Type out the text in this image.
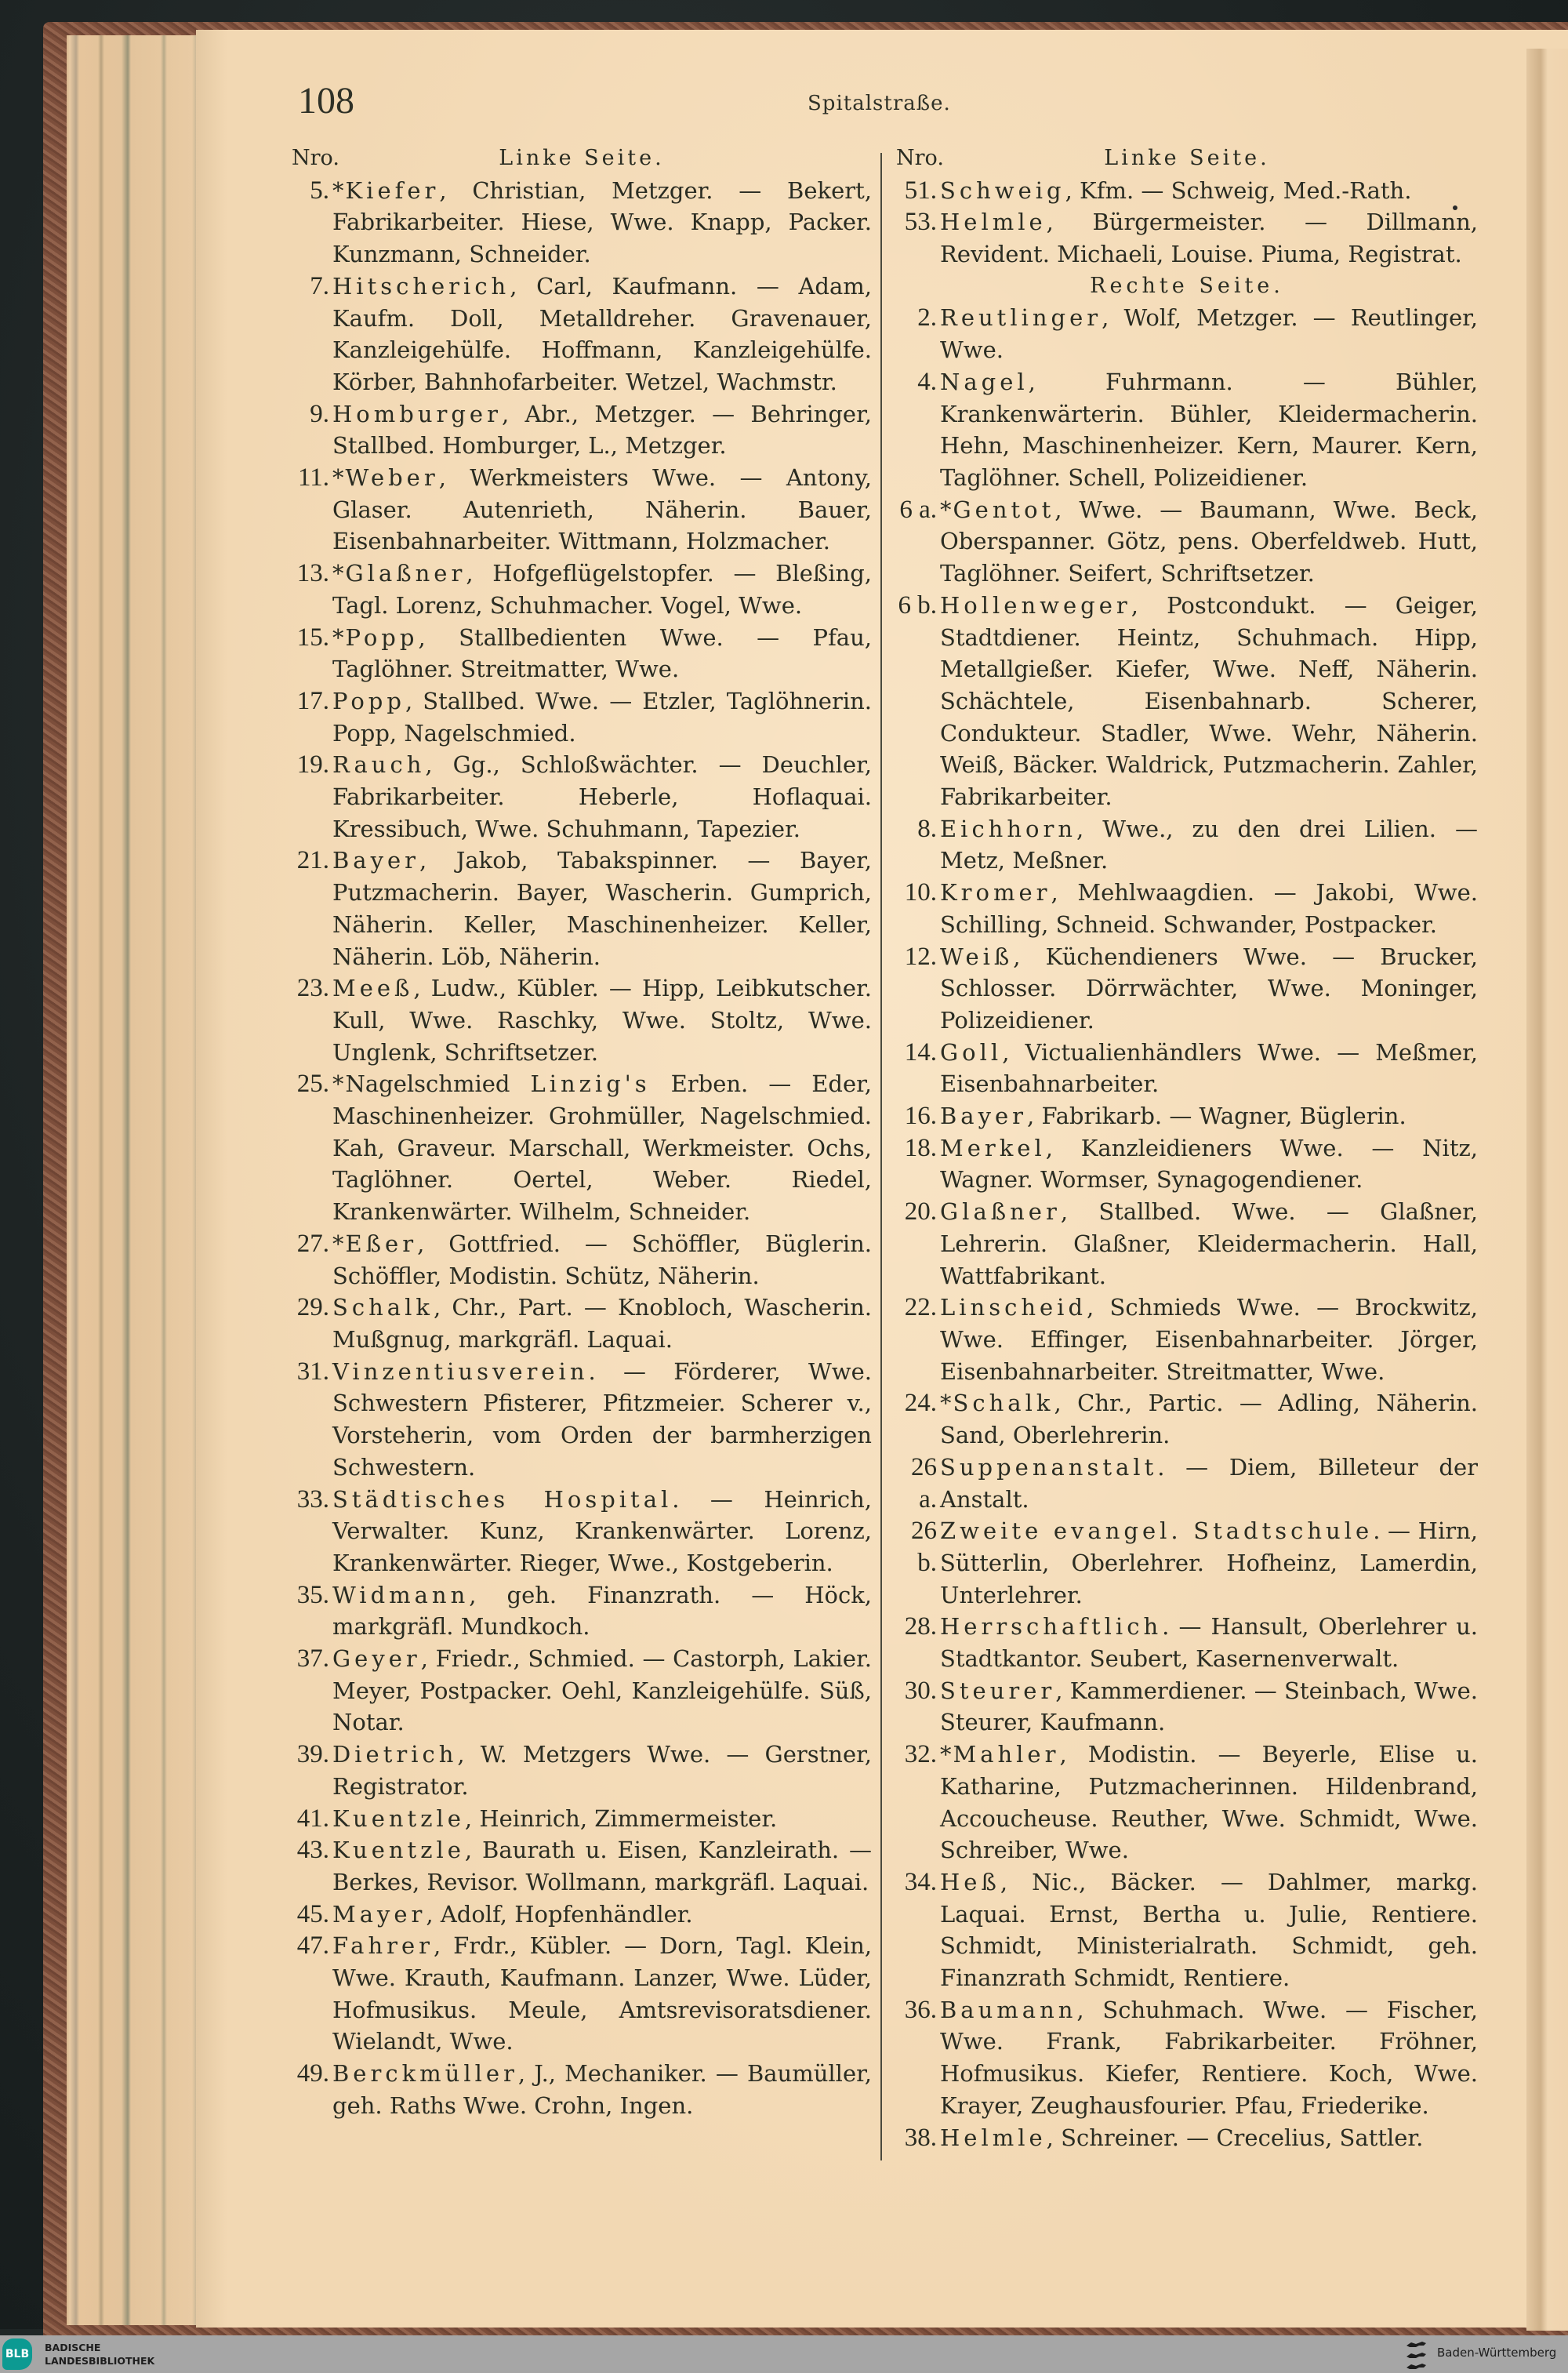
108	Spitalstraße.
Nro.	Linke Seite.
5. *Kiefer, Christian, Metzger. — Bekert, Fabrikarbeiter. Hiese, Wwe. Knapp, Packer. Kunzmann, Schneider.
7. Hitscherich, Carl, Kaufmann. — Adam, Kaufm. Doll, Metalldreher. Gravenauer, Kanzleigehülfe. Hoffmann, Kanzleigehülfe. Körber, Bahnhofarbeiter. Wetzel, Wachmstr.
9. Homburger, Abr., Metzger. — Behringer, Stallbed. Homburger, L., Metzger.
11. *Weber, Werkmeisters Wwe. — Antony, Glaser. Autenrieth, Näherin. Bauer, Eisenbahnarbeiter. Wittmann, Holzmacher.
13. *Glaßner, Hofgeflügelstopfer. — Bleßing, Tagl. Lorenz, Schuhmacher. Vogel, Wwe.
15. *Popp, Stallbedienten Wwe. — Pfau, Taglöhner. Streitmatter, Wwe.
17. Popp, Stallbed. Wwe. — Etzler, Taglöhnerin. Popp, Nagelschmied.
19. Rauch, Gg., Schloßwächter. — Deuchler, Fabrikarbeiter. Heberle, Hoflaquai. Kressibuch, Wwe. Schuhmann, Tapezier.
21. Bayer, Jakob, Tabakspinner. — Bayer, Putzmacherin. Bayer, Wascherin. Gumprich, Näherin. Keller, Maschinenheizer. Keller, Näherin. Löb, Näherin.
23. Meeß, Ludw., Kübler. — Hipp, Leibkutscher. Kull, Wwe. Raschky, Wwe. Stoltz, Wwe. Unglenk, Schriftsetzer.
25. *Nagelschmied Linzig's Erben. — Eder, Maschinenheizer. Grohmüller, Nagelschmied. Kah, Graveur. Marschall, Werkmeister. Ochs, Taglöhner. Oertel, Weber. Riedel, Krankenwärter. Wilhelm, Schneider.
27. *Eßer, Gottfried. — Schöffler, Büglerin. Schöffler, Modistin. Schütz, Näherin.
29. Schalk, Chr., Part. — Knobloch, Wascherin. Mußgnug, markgräfl. Laquai.
31. Vinzentiusverein. — Förderer, Wwe. Schwestern Pfisterer, Pfitzmeier. Scherer v., Vorsteherin, vom Orden der barmherzigen Schwestern.
33. Städtisches Hospital. — Heinrich, Verwalter. Kunz, Krankenwärter. Lorenz, Krankenwärter. Rieger, Wwe., Kostgeberin.
35. Widmann, geh. Finanzrath. — Höck, markgräfl. Mundkoch.
37. Geyer, Friedr., Schmied. — Castorph, Lakier. Meyer, Postpacker. Oehl, Kanzleigehülfe. Süß, Notar.
39. Dietrich, W. Metzgers Wwe. — Gerstner, Registrator.
41. Kuentzle, Heinrich, Zimmermeister.
43. Kuentzle, Baurath u. Eisen, Kanzleirath. — Berkes, Revisor. Wollmann, markgräfl. Laquai.
45. Mayer, Adolf, Hopfenhändler.
47. Fahrer, Frdr., Kübler. — Dorn, Tagl. Klein, Wwe. Krauth, Kaufmann. Lanzer, Wwe. Lüder, Hofmusikus. Meule, Amtsrevisoratsdiener. Wielandt, Wwe.
49. Berckmüller, J., Mechaniker. — Baumüller, geh. Raths Wwe. Crohn, Ingen.
Nro.	Linke Seite.
51. Schweig, Kfm. — Schweig, Med.-Rath.
53. Helmle, Bürgermeister. — Dillmann, Revident. Michaeli, Louise. Piuma, Registrat.
Rechte Seite.
2. Reutlinger, Wolf, Metzger. — Reutlinger, Wwe.
4. Nagel, Fuhrmann. — Bühler, Krankenwärterin. Bühler, Kleidermacherin. Hehn, Maschinenheizer. Kern, Maurer. Kern, Taglöhner. Schell, Polizeidiener.
6 a. *Gentot, Wwe. — Baumann, Wwe. Beck, Oberspanner. Götz, pens. Oberfeldweb. Hutt, Taglöhner. Seifert, Schriftsetzer.
6 b. Hollenweger, Postcondukt. — Geiger, Stadtdiener. Heintz, Schuhmach. Hipp, Metallgießer. Kiefer, Wwe. Neff, Näherin. Schächtele, Eisenbahnarb. Scherer, Condukteur. Stadler, Wwe. Wehr, Näherin. Weiß, Bäcker. Waldrick, Putzmacherin. Zahler, Fabrikarbeiter.
8. Eichhorn, Wwe., zu den drei Lilien. — Metz, Meßner.
10. Kromer, Mehlwaagdien. — Jakobi, Wwe. Schilling, Schneid. Schwander, Postpacker.
12. Weiß, Küchendieners Wwe. — Brucker, Schlosser. Dörrwächter, Wwe. Moninger, Polizeidiener.
14. Goll, Victualienhändlers Wwe. — Meßmer, Eisenbahnarbeiter.
16. Bayer, Fabrikarb. — Wagner, Büglerin.
18. Merkel, Kanzleidieners Wwe. — Nitz, Wagner. Wormser, Synagogendiener.
20. Glaßner, Stallbed. Wwe. — Glaßner, Lehrerin. Glaßner, Kleidermacherin. Hall, Wattfabrikant.
22. Linscheid, Schmieds Wwe. — Brockwitz, Wwe. Effinger, Eisenbahnarbeiter. Jörger, Eisenbahnarbeiter. Streitmatter, Wwe.
24. *Schalk, Chr., Partic. — Adling, Näherin. Sand, Oberlehrerin.
26 a.
Suppenanstalt. — Diem, Billeteur der Anstalt.
26 b.
Zweite evangel. Stadtschule. — Hirn, Sütterlin, Oberlehrer. Hofheinz, Lamerdin, Unterlehrer.
28. Herrschaftlich. — Hansult, Oberlehrer u. Stadtkantor. Seubert, Kasernenverwalt.
30. Steurer, Kammerdiener. — Steinbach, Wwe. Steurer, Kaufmann.
32. *Mahler, Modistin. — Beyerle, Elise u. Katharine, Putzmacherinnen. Hildenbrand, Accoucheuse. Reuther, Wwe. Schmidt, Wwe. Schreiber, Wwe.
34. Heß, Nic., Bäcker. — Dahlmer, markg. Laquai. Ernst, Bertha u. Julie, Rentiere. Schmidt, Ministerialrath. Schmidt, geh. Finanzrath Schmidt, Rentiere.
36. Baumann, Schuhmach. Wwe. — Fischer, Wwe. Frank, Fabrikarbeiter. Fröhner, Hofmusikus. Kiefer, Rentiere. Koch, Wwe. Krayer, Zeughausfourier. Pfau, Friederike.
38. Helmle, Schreiner. — Crecelius, Sattler.
BLB
BADISCHE
LANDESBIBLIOTHEK
Baden-Württemberg
